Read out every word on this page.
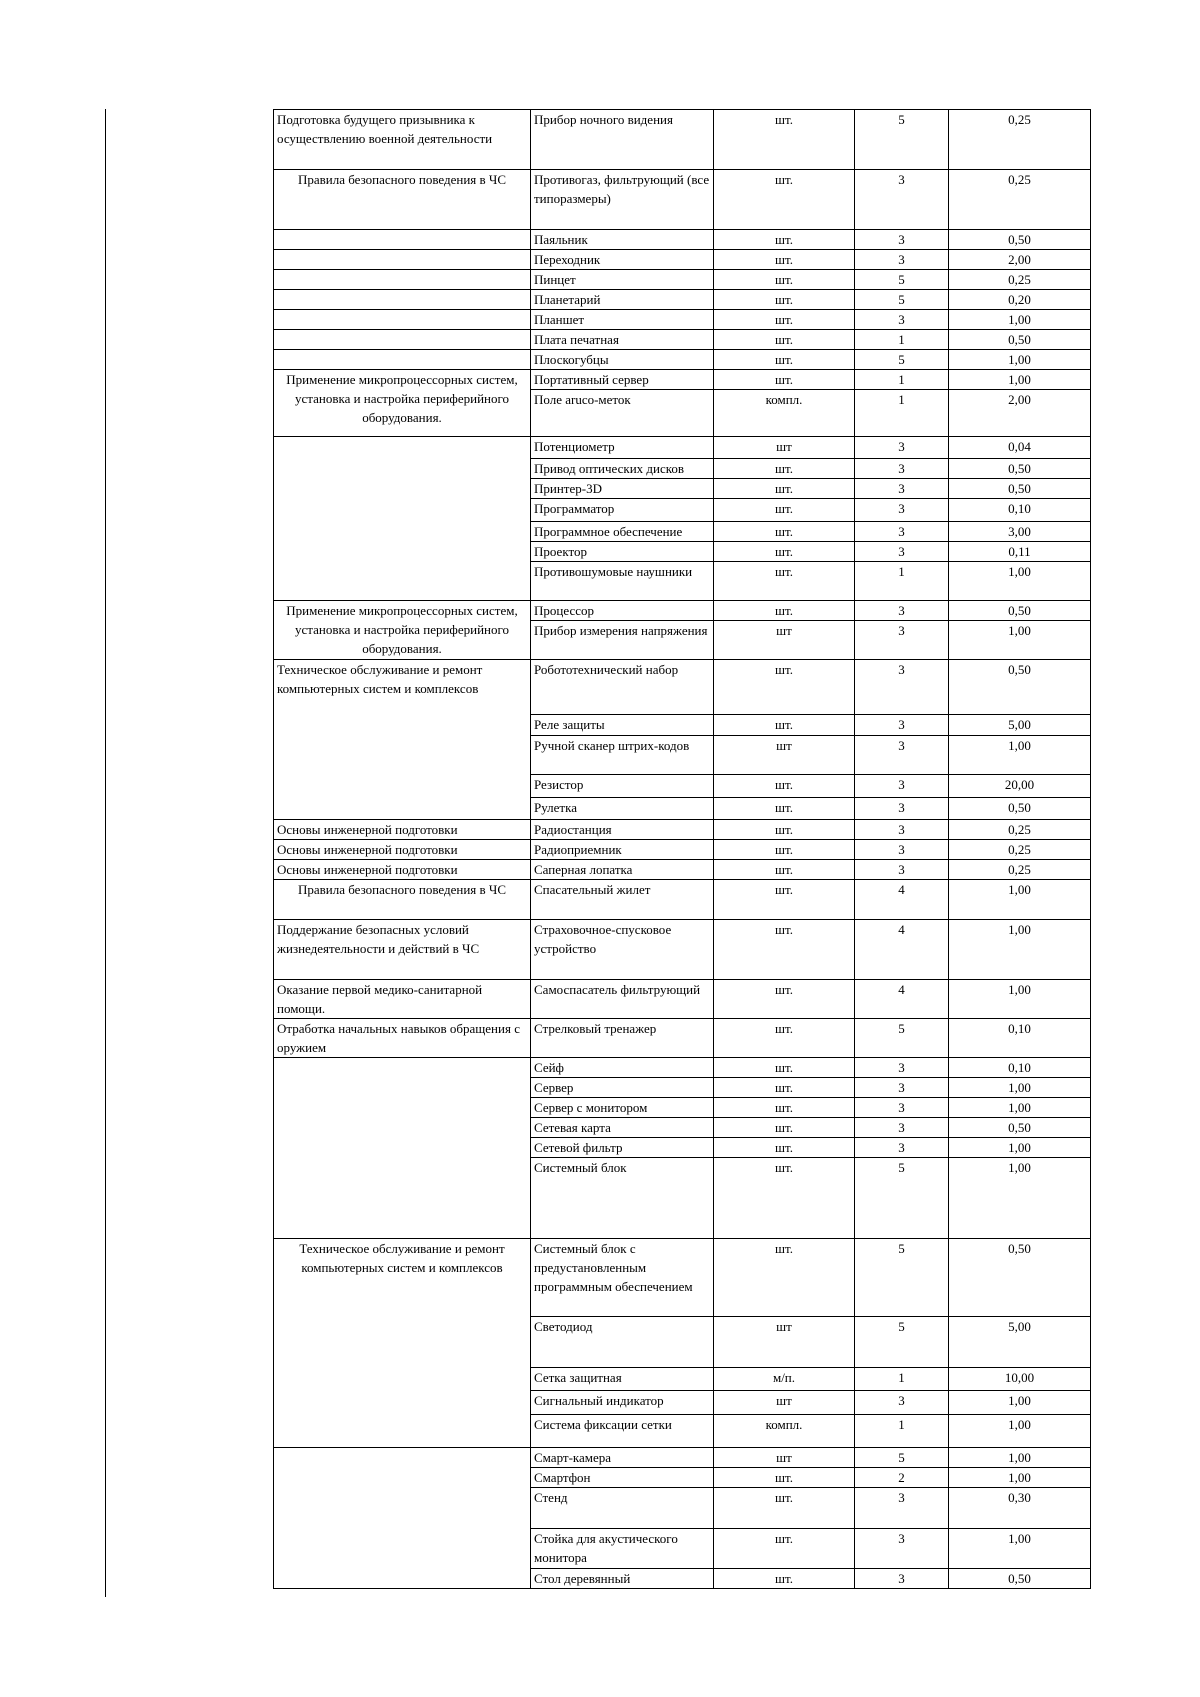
Подготовка будущего призывника к осуществлению военной деятельности	Прибор ночного видения	шт.	5	0,25
Правила безопасного поведения в ЧС	Противогаз, фильтрующий (все типоразмеры)	шт.	3	0,25
	Паяльник	шт.	3	0,50
	Переходник	шт.	3	2,00
	Пинцет	шт.	5	0,25
	Планетарий	шт.	5	0,20
	Планшет	шт.	3	1,00
	Плата печатная	шт.	1	0,50
	Плоскогубцы	шт.	5	1,00
Применение микропроцессорных систем, установка и настройка периферийного оборудования.	Портативный сервер	шт.	1	1,00
	Поле aruco-меток	компл.	1	2,00
	Потенциометр	шт	3	0,04
	Привод оптических дисков	шт.	3	0,50
	Принтер-3D	шт.	3	0,50
	Программатор	шт.	3	0,10
	Программное обеспечение	шт.	3	3,00
	Проектор	шт.	3	0,11
	Противошумовые наушники	шт.	1	1,00
Применение микропроцессорных систем, установка и настройка периферийного оборудования.	Процессор	шт.	3	0,50
	Прибор измерения напряжения	шт	3	1,00
Техническое обслуживание и ремонт компьютерных систем и комплексов	Робототехнический набор	шт.	3	0,50
	Реле защиты	шт.	3	5,00
	Ручной сканер штрих-кодов	шт	3	1,00
	Резистор	шт.	3	20,00
	Рулетка	шт.	3	0,50
Основы инженерной подготовки	Радиостанция	шт.	3	0,25
Основы инженерной подготовки	Радиоприемник	шт.	3	0,25
Основы инженерной подготовки	Саперная лопатка	шт.	3	0,25
Правила безопасного поведения в ЧС	Спасательный жилет	шт.	4	1,00
Поддержание безопасных условий жизнедеятельности и действий в ЧС	Страховочное-спусковое устройство	шт.	4	1,00
Оказание первой медико-санитарной помощи.	Самоспасатель фильтрующий	шт.	4	1,00
Отработка начальных навыков обращения с оружием	Стрелковый тренажер	шт.	5	0,10
	Сейф	шт.	3	0,10
	Сервер	шт.	3	1,00
	Сервер с монитором	шт.	3	1,00
	Сетевая карта	шт.	3	0,50
	Сетевой фильтр	шт.	3	1,00
	Системный блок	шт.	5	1,00
Техническое обслуживание и ремонт компьютерных систем и комплексов	Системный блок с предустановленным программным обеспечением	шт.	5	0,50
	Светодиод	шт	5	5,00
	Сетка защитная	м/п.	1	10,00
	Сигнальный индикатор	шт	3	1,00
	Система фиксации сетки	компл.	1	1,00
	Смарт-камера	шт	5	1,00
	Смартфон	шт.	2	1,00
	Стенд	шт.	3	0,30
	Стойка для акустического монитора	шт.	3	1,00
	Стол деревянный	шт.	3	0,50
